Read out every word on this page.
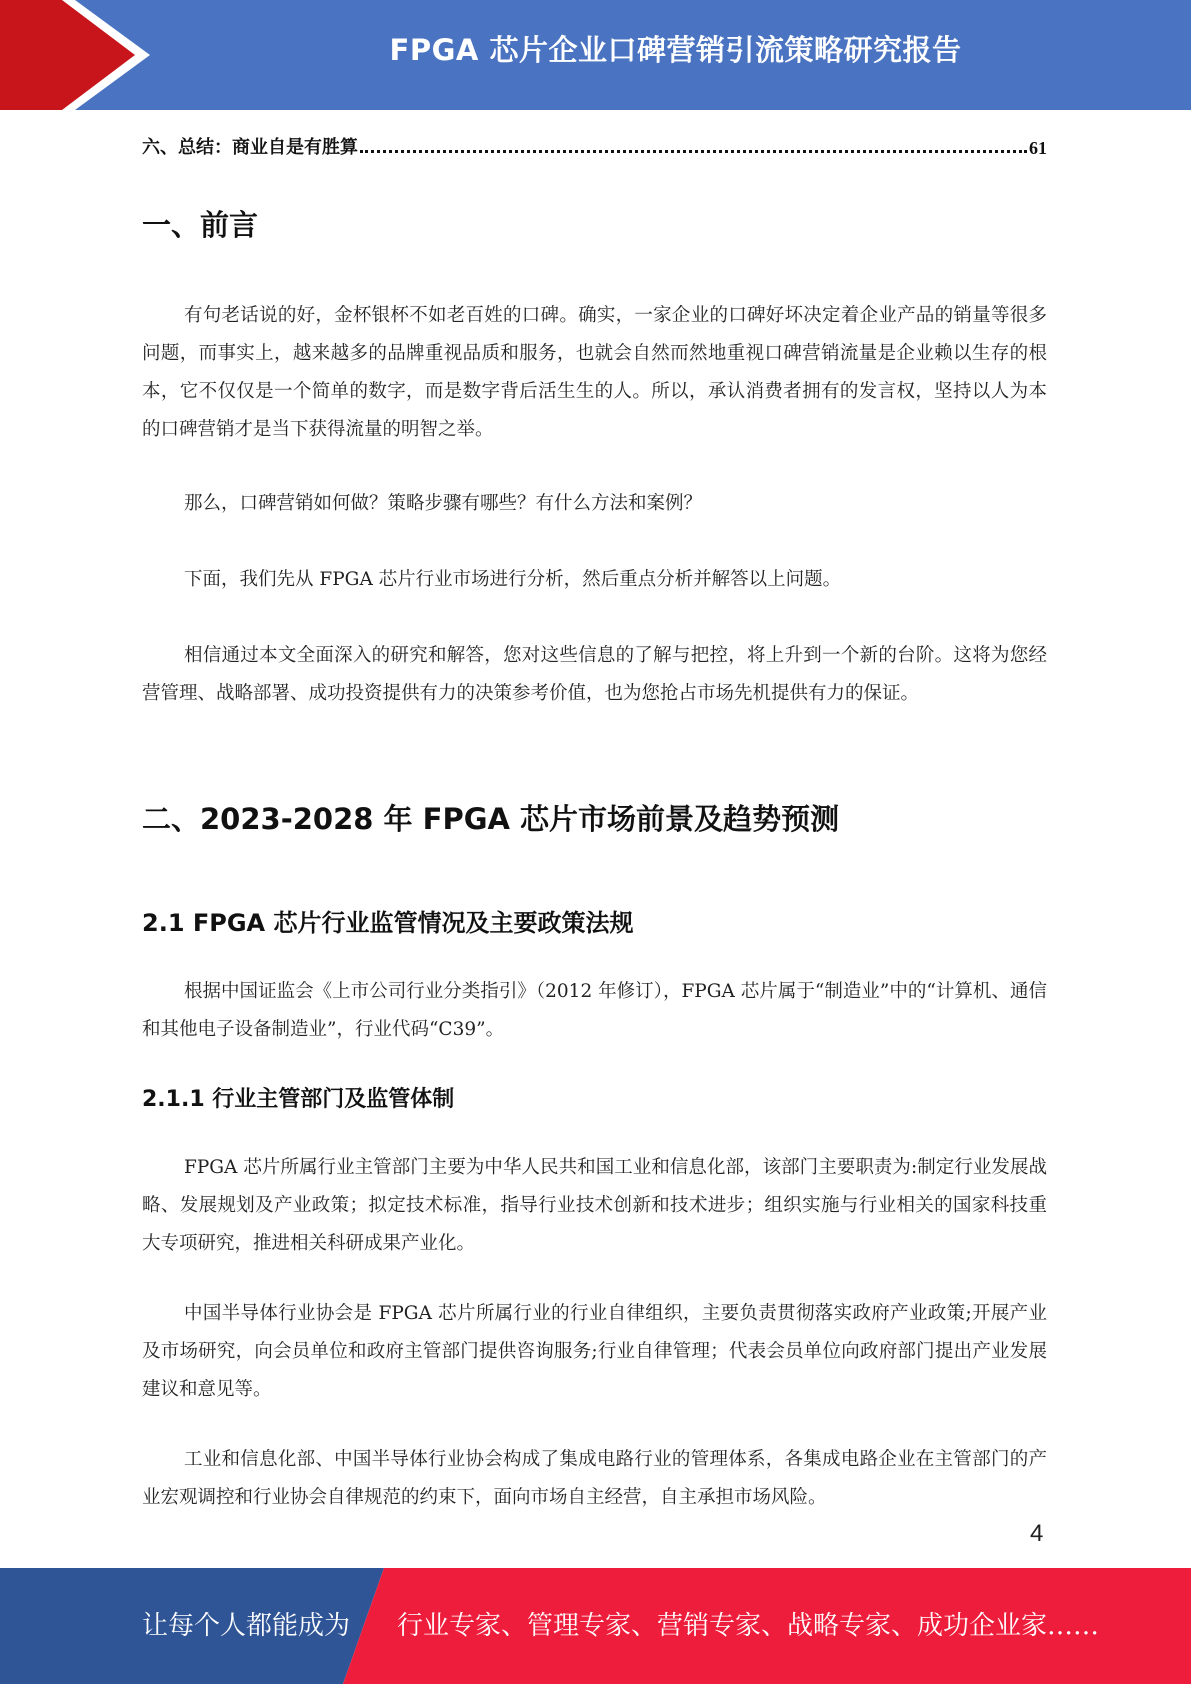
FPGA 芯片企业口碑营销引流策略研究报告
六、总结：商业自是有胜算	61
一、前言

有句老话说的好，金杯银杯不如老百姓的口碑。确实，一家企业的口碑好坏决定着企业产品的销量等很多问题，而事实上，越来越多的品牌重视品质和服务，也就会自然而然地重视口碑营销流量是企业赖以生存的根本，它不仅仅是一个简单的数字，而是数字背后活生生的人。所以，承认消费者拥有的发言权，坚持以人为本的口碑营销才是当下获得流量的明智之举。

那么，口碑营销如何做？策略步骤有哪些？有什么方法和案例？

下面，我们先从 FPGA 芯片行业市场进行分析，然后重点分析并解答以上问题。

相信通过本文全面深入的研究和解答，您对这些信息的了解与把控，将上升到一个新的台阶。这将为您经营管理、战略部署、成功投资提供有力的决策参考价值，也为您抢占市场先机提供有力的保证。

二、2023-2028 年 FPGA 芯片市场前景及趋势预测
2.1 FPGA 芯片行业监管情况及主要政策法规

根据中国证监会《上市公司行业分类指引》（2012 年修订），FPGA 芯片属于“制造业”中的“计算机、通信和其他电子设备制造业”，行业代码“C39”。

2.1.1 行业主管部门及监管体制

FPGA 芯片所属行业主管部门主要为中华人民共和国工业和信息化部，该部门主要职责为:制定行业发展战略、发展规划及产业政策；拟定技术标准，指导行业技术创新和技术进步；组织实施与行业相关的国家科技重大专项研究，推进相关科研成果产业化。

中国半导体行业协会是 FPGA 芯片所属行业的行业自律组织，主要负责贯彻落实政府产业政策;开展产业及市场研究，向会员单位和政府主管部门提供咨询服务;行业自律管理；代表会员单位向政府部门提出产业发展建议和意见等。

工业和信息化部、中国半导体行业协会构成了集成电路行业的管理体系，各集成电路企业在主管部门的产业宏观调控和行业协会自律规范的约束下，面向市场自主经营，自主承担市场风险。

4
让每个人都能成为 行业专家、管理专家、营销专家、战略专家、成功企业家……
